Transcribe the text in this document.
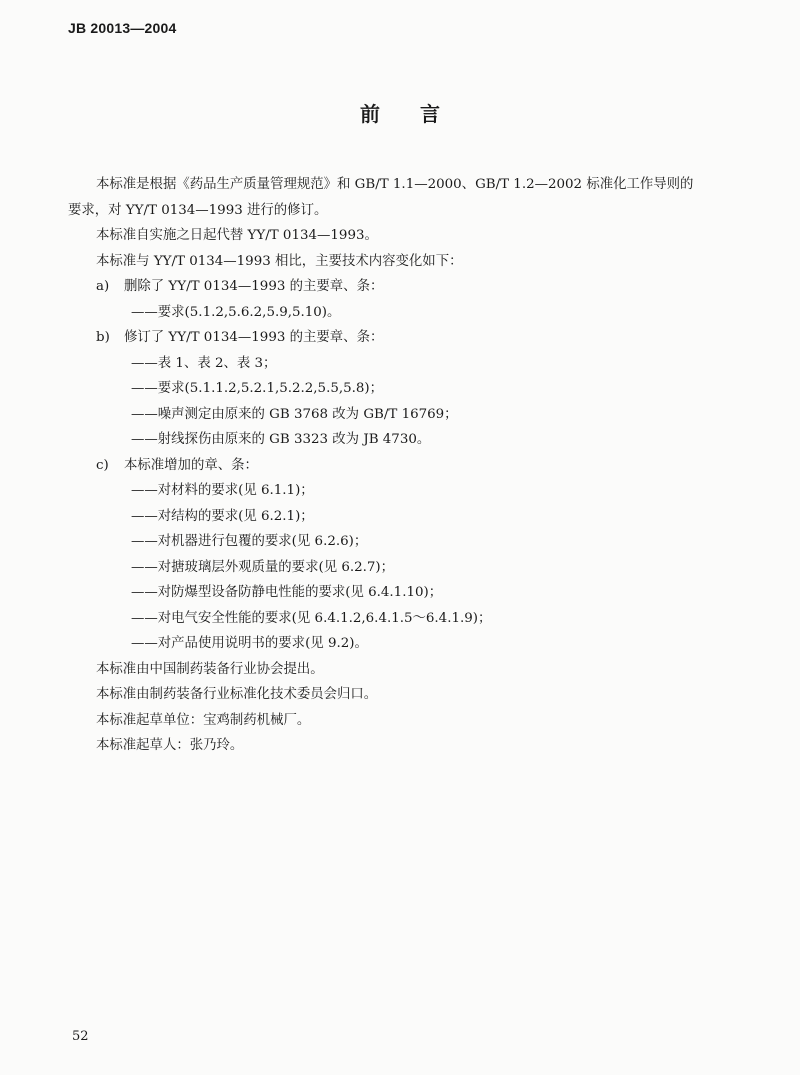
JB 20013—2004
前言
本标准是根据《药品生产质量管理规范》和 GB/T 1.1—2000、GB/T 1.2—2002 标准化工作导则的
要求，对 YY/T 0134—1993 进行的修订。
本标准自实施之日起代替 YY/T 0134—1993。
本标准与 YY/T 0134—1993 相比，主要技术内容变化如下：
a) 删除了 YY/T 0134—1993 的主要章、条：
——要求(5.1.2,5.6.2,5.9,5.10)。
b) 修订了 YY/T 0134—1993 的主要章、条：
——表 1、表 2、表 3；
——要求(5.1.1.2,5.2.1,5.2.2,5.5,5.8)；
——噪声测定由原来的 GB 3768 改为 GB/T 16769；
——射线探伤由原来的 GB 3323 改为 JB 4730。
c) 本标准增加的章、条：
——对材料的要求(见 6.1.1)；
——对结构的要求(见 6.2.1)；
——对机器进行包覆的要求(见 6.2.6)；
——对搪玻璃层外观质量的要求(见 6.2.7)；
——对防爆型设备防静电性能的要求(见 6.4.1.10)；
——对电气安全性能的要求(见 6.4.1.2,6.4.1.5～6.4.1.9)；
——对产品使用说明书的要求(见 9.2)。
本标准由中国制药装备行业协会提出。
本标准由制药装备行业标准化技术委员会归口。
本标准起草单位：宝鸡制药机械厂。
本标准起草人：张乃玲。
52
